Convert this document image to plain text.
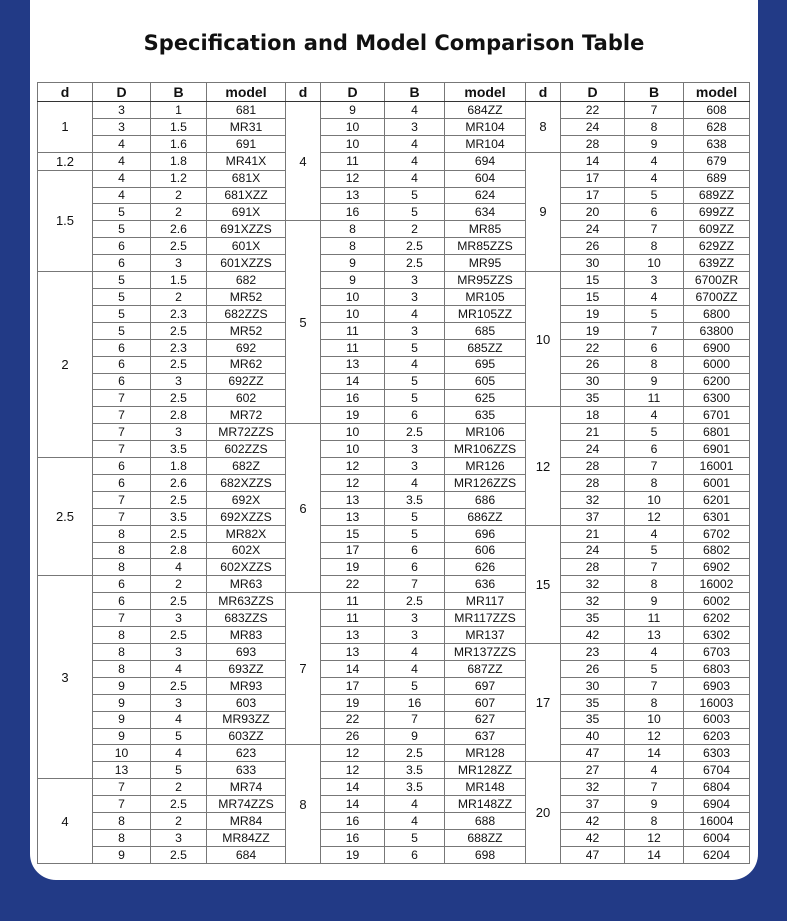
Specification and Model Comparison Table
d	D	B	model	d	D	B	model	d	D	B	model
1	3	1	681	4	9	4	684ZZ	8	22	7	608
	3	1.5	MR31		10	3	MR104		24	8	628
	4	1.6	691		10	4	MR104		28	9	638
1.2	4	1.8	MR41X		11	4	694	9	14	4	679
1.5	4	1.2	681X		12	4	604		17	4	689
	4	2	681XZZ		13	5	624		17	5	689ZZ
	5	2	691X		16	5	634		20	6	699ZZ
	5	2.6	691XZZS	5	8	2	MR85		24	7	609ZZ
	6	2.5	601X		8	2.5	MR85ZZS		26	8	629ZZ
	6	3	601XZZS		9	2.5	MR95		30	10	639ZZ
2	5	1.5	682		9	3	MR95ZZS	10	15	3	6700ZR
	5	2	MR52		10	3	MR105		15	4	6700ZZ
	5	2.3	682ZZS		10	4	MR105ZZ		19	5	6800
	5	2.5	MR52		11	3	685		19	7	63800
	6	2.3	692		11	5	685ZZ		22	6	6900
	6	2.5	MR62		13	4	695		26	8	6000
	6	3	692ZZ		14	5	605		30	9	6200
	7	2.5	602		16	5	625		35	11	6300
	7	2.8	MR72		19	6	635	12	18	4	6701
	7	3	MR72ZZS	6	10	2.5	MR106		21	5	6801
	7	3.5	602ZZS		10	3	MR106ZZS		24	6	6901
2.5	6	1.8	682Z		12	3	MR126		28	7	16001
	6	2.6	682XZZS		12	4	MR126ZZS		28	8	6001
	7	2.5	692X		13	3.5	686		32	10	6201
	7	3.5	692XZZS		13	5	686ZZ		37	12	6301
	8	2.5	MR82X		15	5	696	15	21	4	6702
	8	2.8	602X		17	6	606		24	5	6802
	8	4	602XZZS		19	6	626		28	7	6902
3	6	2	MR63		22	7	636		32	8	16002
	6	2.5	MR63ZZS	7	11	2.5	MR117		32	9	6002
	7	3	683ZZS		11	3	MR117ZZS		35	11	6202
	8	2.5	MR83		13	3	MR137		42	13	6302
	8	3	693		13	4	MR137ZZS	17	23	4	6703
	8	4	693ZZ		14	4	687ZZ		26	5	6803
	9	2.5	MR93		17	5	697		30	7	6903
	9	3	603		19	16	607		35	8	16003
	9	4	MR93ZZ		22	7	627		35	10	6003
	9	5	603ZZ		26	9	637		40	12	6203
	10	4	623	8	12	2.5	MR128		47	14	6303
	13	5	633		12	3.5	MR128ZZ	20	27	4	6704
4	7	2	MR74		14	3.5	MR148		32	7	6804
	7	2.5	MR74ZZS		14	4	MR148ZZ		37	9	6904
	8	2	MR84		16	4	688		42	8	16004
	8	3	MR84ZZ		16	5	688ZZ		42	12	6004
	9	2.5	684		19	6	698		47	14	6204
